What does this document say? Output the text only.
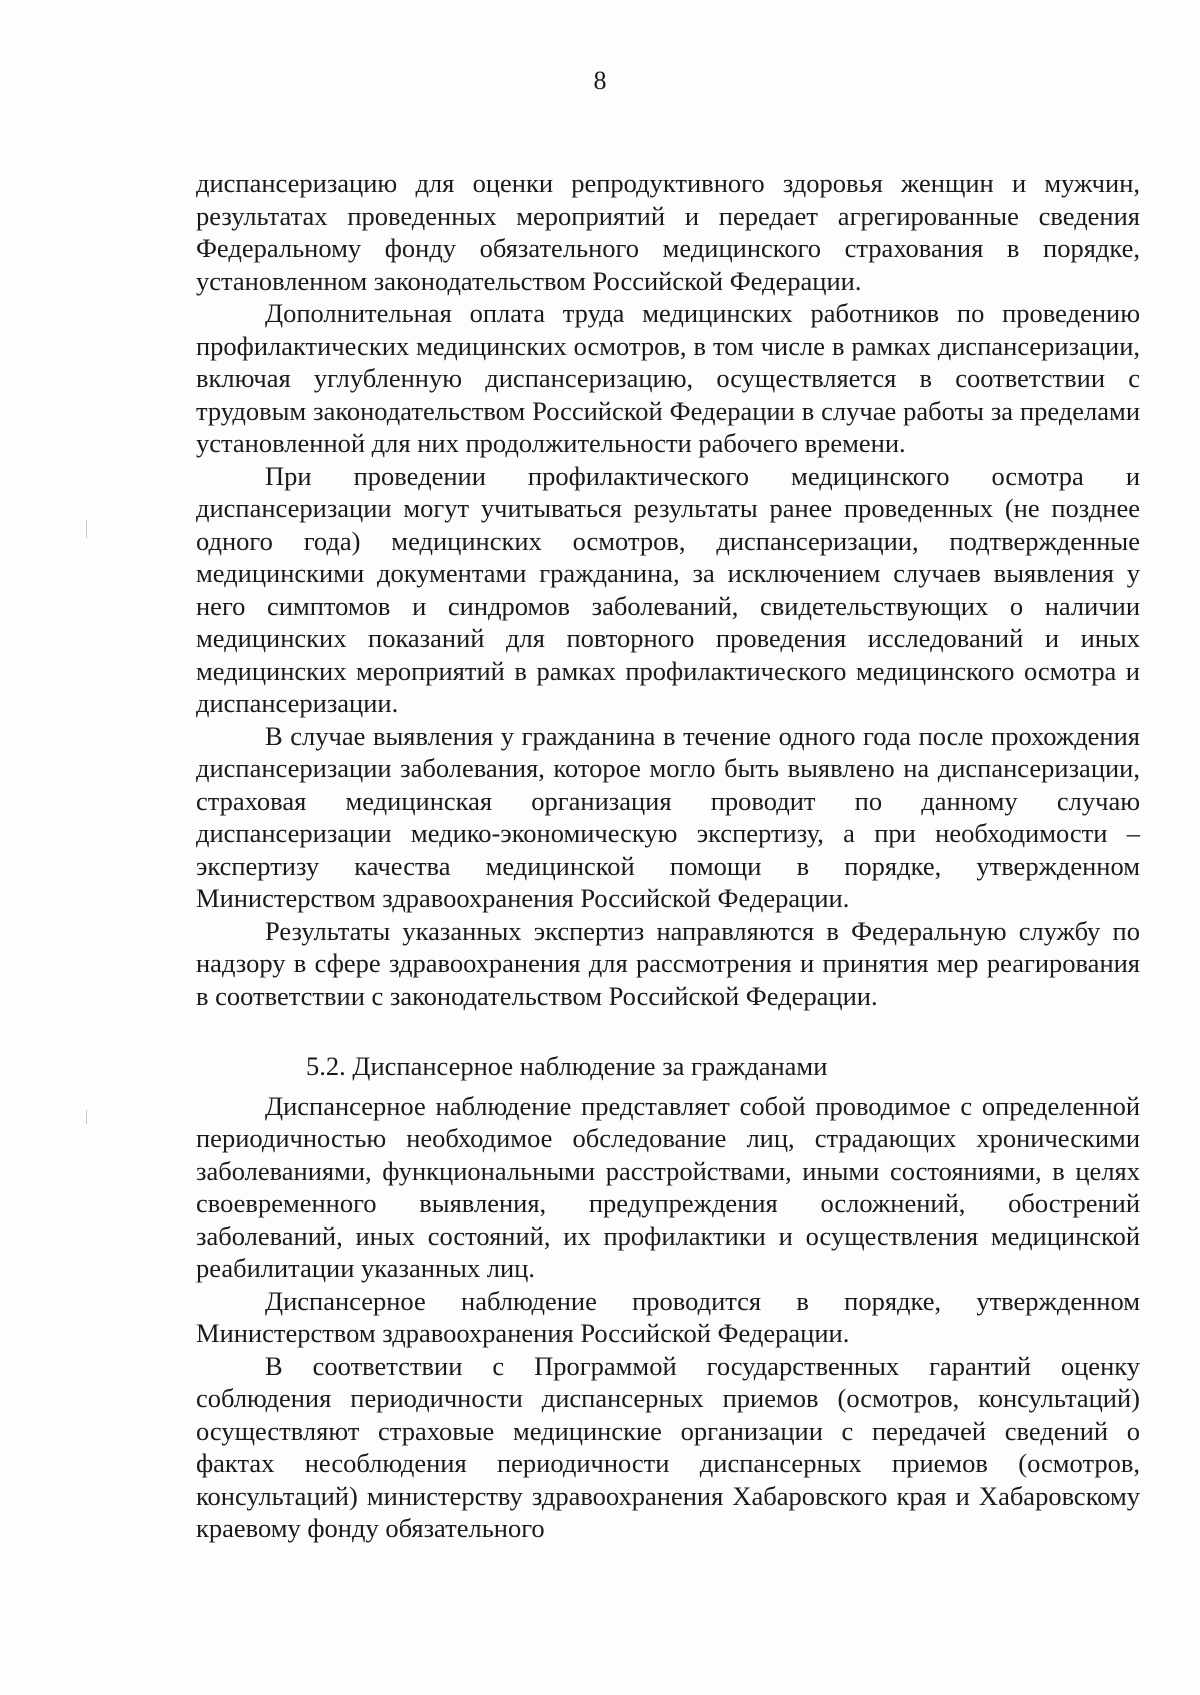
8

диспансеризацию для оценки репродуктивного здоровья женщин и мужчин, результатах проведенных мероприятий и передает агрегированные сведения Федеральному фонду обязательного медицинского страхования в порядке, установленном законодательством Российской Федерации.

Дополнительная оплата труда медицинских работников по проведению профилактических медицинских осмотров, в том числе в рамках диспансеризации, включая углубленную диспансеризацию, осуществляется в соответствии с трудовым законодательством Российской Федерации в случае работы за пределами установленной для них продолжительности рабочего времени.

При проведении профилактического медицинского осмотра и диспансеризации могут учитываться результаты ранее проведенных (не позднее одного года) медицинских осмотров, диспансеризации, подтвержденные медицинскими документами гражданина, за исключением случаев выявления у него симптомов и синдромов заболеваний, свидетельствующих о наличии медицинских показаний для повторного проведения исследований и иных медицинских мероприятий в рамках профилактического медицинского осмотра и диспансеризации.

В случае выявления у гражданина в течение одного года после прохождения диспансеризации заболевания, которое могло быть выявлено на диспансеризации, страховая медицинская организация проводит по данному случаю диспансеризации медико-экономическую экспертизу, а при необходимости – экспертизу качества медицинской помощи в порядке, утвержденном Министерством здравоохранения Российской Федерации.

Результаты указанных экспертиз направляются в Федеральную службу по надзору в сфере здравоохранения для рассмотрения и принятия мер реагирования в соответствии с законодательством Российской Федерации.

5.2. Диспансерное наблюдение за гражданами

Диспансерное наблюдение представляет собой проводимое с определенной периодичностью необходимое обследование лиц, страдающих хроническими заболеваниями, функциональными расстройствами, иными состояниями, в целях своевременного выявления, предупреждения осложнений, обострений заболеваний, иных состояний, их профилактики и осуществления медицинской реабилитации указанных лиц.

Диспансерное наблюдение проводится в порядке, утвержденном Министерством здравоохранения Российской Федерации.

В соответствии с Программой государственных гарантий оценку соблюдения периодичности диспансерных приемов (осмотров, консультаций) осуществляют страховые медицинские организации с передачей сведений о фактах несоблюдения периодичности диспансерных приемов (осмотров, консультаций) министерству здравоохранения Хабаровского края и Хабаровскому краевому фонду обязательного
